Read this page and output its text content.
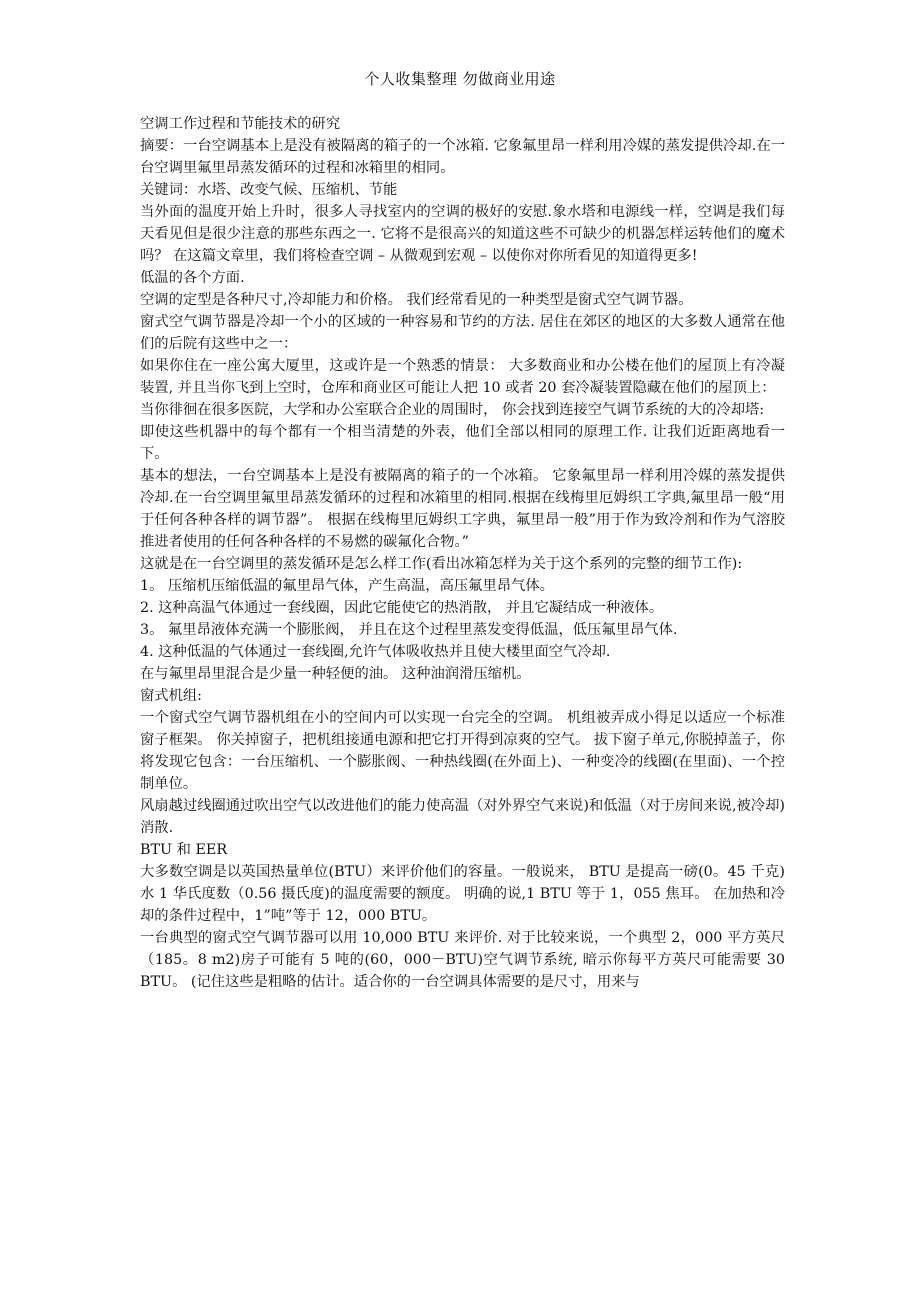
个人收集整理 勿做商业用途

空调工作过程和节能技术的研究

摘要：一台空调基本上是没有被隔离的箱子的一个冰箱. 它象氟里昂一样利用冷媒的蒸发提供冷却.在一台空调里氟里昂蒸发循环的过程和冰箱里的相同。

关键词：水塔、改变气候、压缩机、节能

当外面的温度开始上升时，很多人寻找室内的空调的极好的安慰.象水塔和电源线一样，空调是我们每天看见但是很少注意的那些东西之一. 它将不是很高兴的知道这些不可缺少的机器怎样运转他们的魔术吗？ 在这篇文章里，我们将检查空调 – 从微观到宏观 – 以使你对你所看见的知道得更多!

低温的各个方面.

空调的定型是各种尺寸,冷却能力和价格。 我们经常看见的一种类型是窗式空气调节器。

窗式空气调节器是冷却一个小的区域的一种容易和节约的方法. 居住在郊区的地区的大多数人通常在他们的后院有这些中之一：

如果你住在一座公寓大厦里，这或许是一个熟悉的情景： 大多数商业和办公楼在他们的屋顶上有冷凝装置, 并且当你飞到上空时，仓库和商业区可能让人把 10 或者 20 套冷凝装置隐藏在他们的屋顶上：

当你徘徊在很多医院，大学和办公室联合企业的周围时， 你会找到连接空气调节系统的大的冷却塔:

即使这些机器中的每个都有一个相当清楚的外表，他们全部以相同的原理工作. 让我们近距离地看一下。

基本的想法，一台空调基本上是没有被隔离的箱子的一个冰箱。 它象氟里昂一样利用冷媒的蒸发提供冷却.在一台空调里氟里昂蒸发循环的过程和冰箱里的相同.根据在线梅里厄姆织工字典,氟里昂一般“用于任何各种各样的调节器”。 根据在线梅里厄姆织工字典，氟里昂一般”用于作为致冷剂和作为气溶胶推进者使用的任何各种各样的不易燃的碳氟化合物。”

这就是在一台空调里的蒸发循环是怎么样工作(看出冰箱怎样为关于这个系列的完整的细节工作):

1。 压缩机压缩低温的氟里昂气体，产生高温，高压氟里昂气体。

2. 这种高温气体通过一套线圈，因此它能使它的热消散， 并且它凝结成一种液体。

3。 氟里昂液体充满一个膨胀阀， 并且在这个过程里蒸发变得低温，低压氟里昂气体.

4. 这种低温的气体通过一套线圈,允许气体吸收热并且使大楼里面空气冷却.

在与氟里昂里混合是少量一种轻便的油。 这种油润滑压缩机。

窗式机组:

一个窗式空气调节器机组在小的空间内可以实现一台完全的空调。 机组被弄成小得足以适应一个标准窗子框架。 你关掉窗子，把机组接通电源和把它打开得到凉爽的空气。 拔下窗子单元,你脱掉盖子，你将发现它包含：一台压缩机、一个膨胀阀、一种热线圈(在外面上)、一种变冷的线圈(在里面)、一个控制单位。

风扇越过线圈通过吹出空气以改进他们的能力使高温（对外界空气来说)和低温（对于房间来说,被冷却)消散.

BTU 和 EER

大多数空调是以英国热量单位(BTU）来评价他们的容量。一般说来， BTU 是提高一磅(0。45 千克)水 1 华氏度数（0.56 摄氏度)的温度需要的额度。 明确的说,1 BTU 等于 1，055 焦耳。 在加热和冷却的条件过程中，1”吨”等于 12，000 BTU。

一台典型的窗式空气调节器可以用 10,000 BTU 来评价. 对于比较来说，一个典型 2，000 平方英尺（185。8 m2)房子可能有 5 吨的(60，000－BTU)空气调节系统, 暗示你每平方英尺可能需要 30 BTU。 (记住这些是粗略的估计。适合你的一台空调具体需要的是尺寸，用来与
